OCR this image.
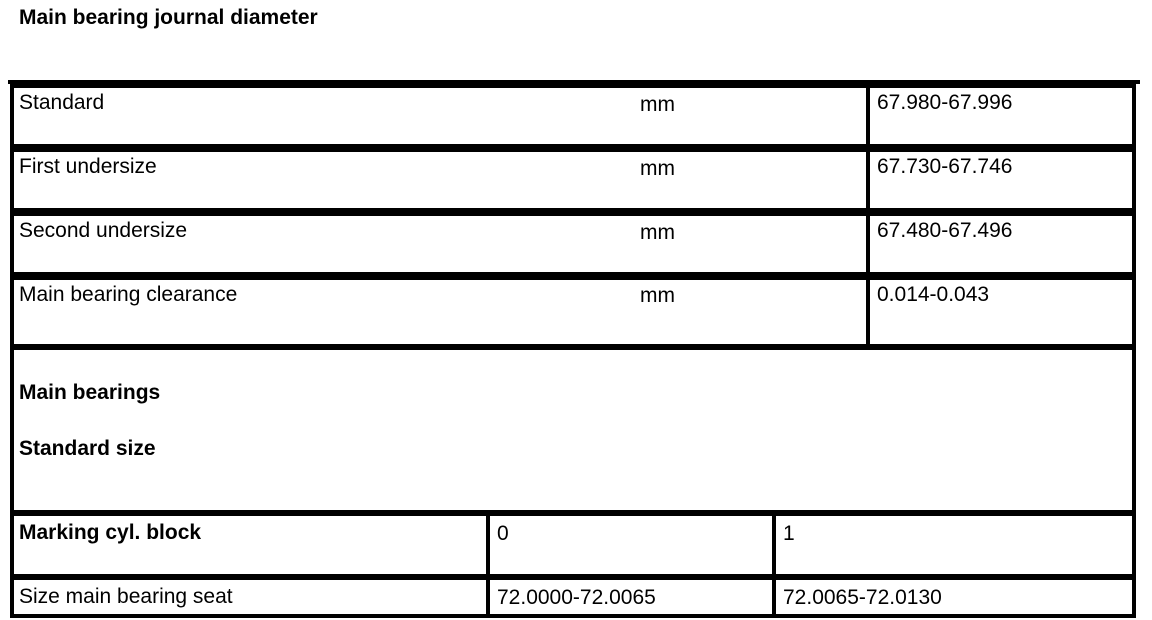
Main bearing journal diameter
Standard	mm	67.980-67.996
First undersize	mm	67.730-67.746
Second undersize	mm	67.480-67.496
Main bearing clearance	mm	0.014-0.043
Main bearings
Standard size
Marking cyl. block	0	1
Size main bearing seat	72.0000-72.0065	72.0065-72.0130
